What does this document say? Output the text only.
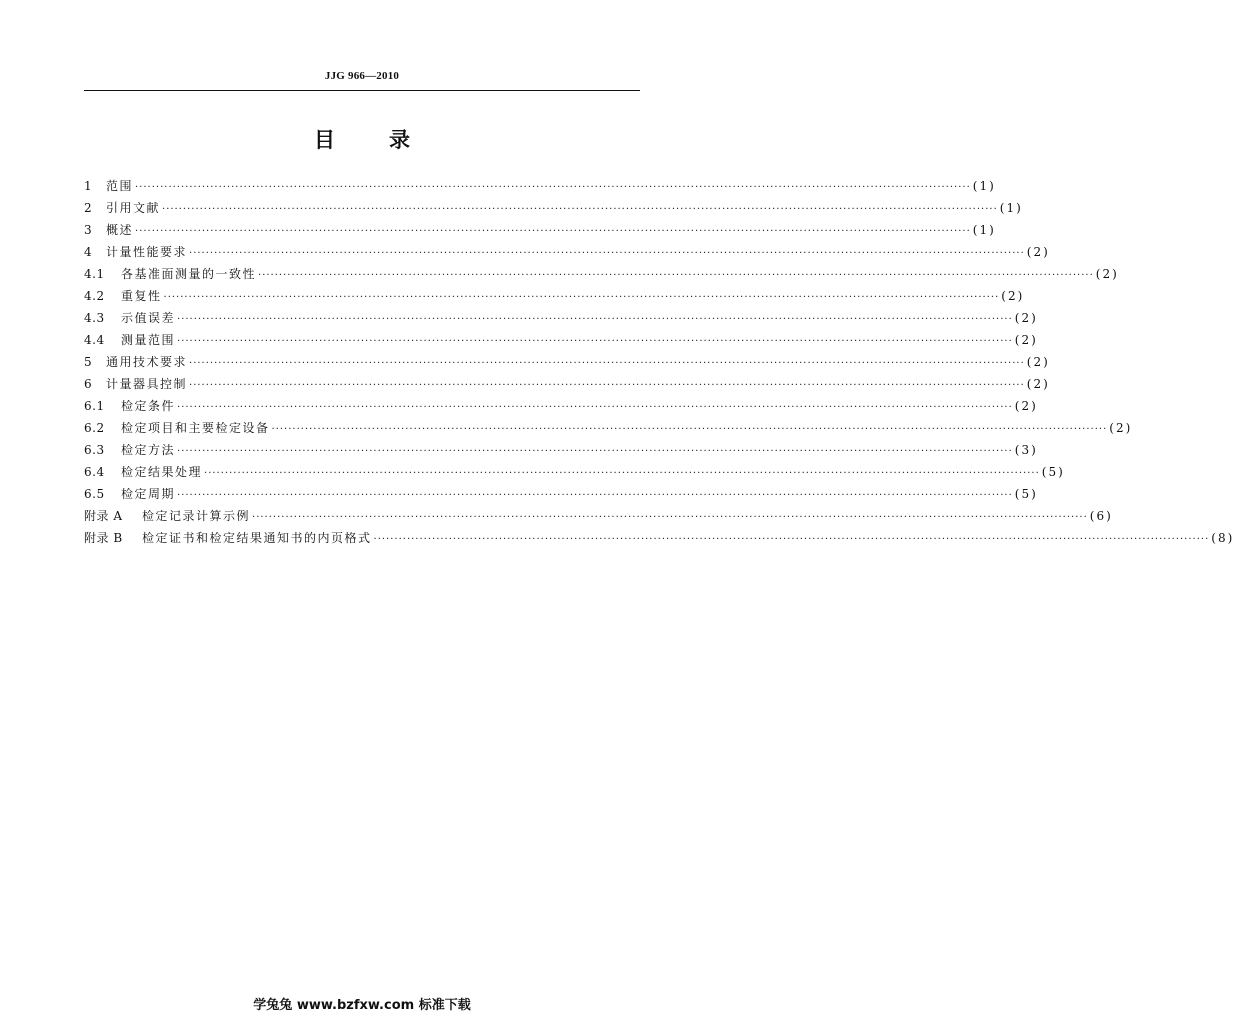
JJG 966—2010
目	录
1	范围 ········································································································································································································ (1)
2	引用文献 ········································································································································································································ (1)
3	概述 ········································································································································································································ (1)
4	计量性能要求 ········································································································································································································ (2)
4.1	各基准面测量的一致性 ········································································································································································································ (2)
4.2	重复性 ········································································································································································································ (2)
4.3	示值误差 ········································································································································································································ (2)
4.4	测量范围 ········································································································································································································ (2)
5	通用技术要求 ········································································································································································································ (2)
6	计量器具控制 ········································································································································································································ (2)
6.1	检定条件 ········································································································································································································ (2)
6.2	检定项目和主要检定设备 ········································································································································································································ (2)
6.3	检定方法 ········································································································································································································ (3)
6.4	检定结果处理 ········································································································································································································ (5)
6.5	检定周期 ········································································································································································································ (5)
附录 A	检定记录计算示例 ········································································································································································································ (6)
附录 B	检定证书和检定结果通知书的内页格式 ········································································································································································································ (8)
学兔兔 www.bzfxw.com 标准下载
